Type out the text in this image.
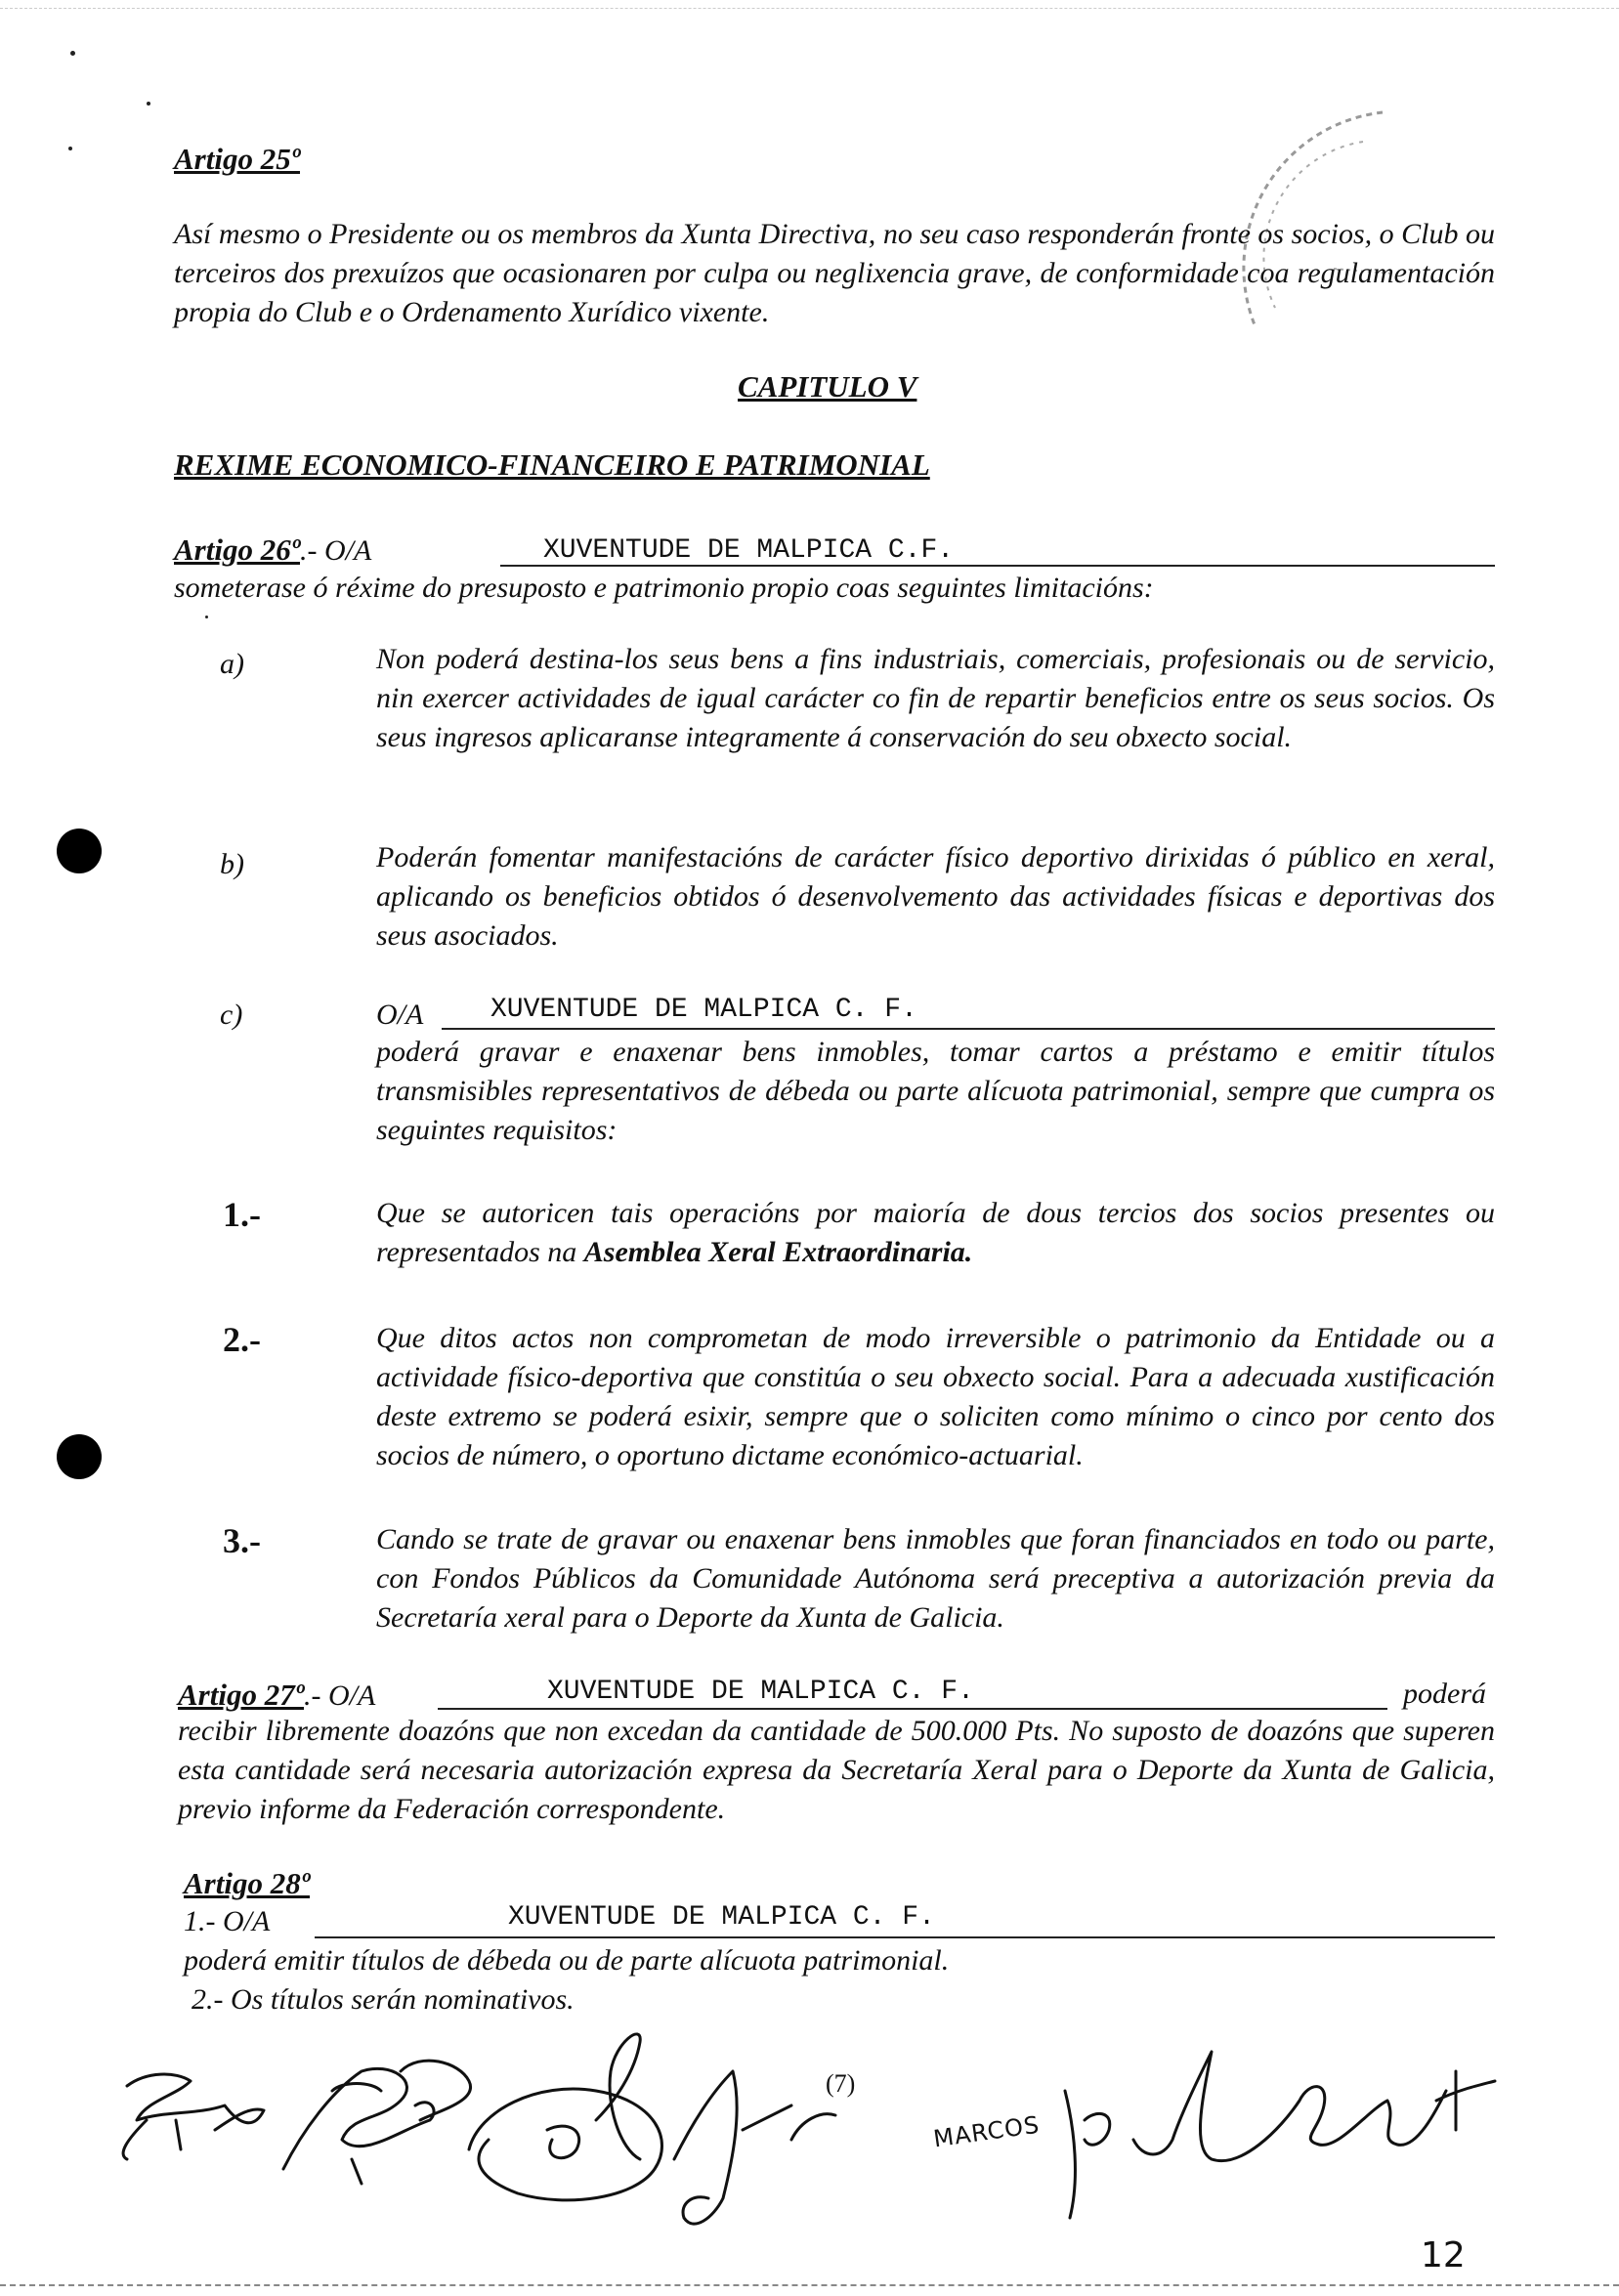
Artigo 25º
Así mesmo o Presidente ou os membros da Xunta Directiva, no seu caso responderán fronte os socios, o Club ou terceiros dos prexuízos que ocasionaren por culpa ou neglixencia grave, de conformidade coa regulamentación propia do Club e o Ordenamento Xurídico vixente.
CAPITULO V
REXIME ECONOMICO-FINANCEIRO E PATRIMONIAL
Artigo 26º.- O/A	XUVENTUDE DE MALPICA C.F.
someterase ó réxime do presuposto e patrimonio propio coas seguintes limitacións:
a)	Non poderá destina-los seus bens a fins industriais, comerciais, profesionais ou de servicio, nin exercer actividades de igual carácter co fin de repartir beneficios entre os seus socios. Os seus ingresos aplicaranse integramente á conservación do seu obxecto social.
b)	Poderán fomentar manifestacións de carácter físico deportivo dirixidas ó público en xeral, aplicando os beneficios obtidos ó desenvolvemento das actividades físicas e deportivas dos seus asociados.
c)	O/A XUVENTUDE DE MALPICA C. F.
poderá gravar e enaxenar bens inmobles, tomar cartos a préstamo e emitir títulos transmisibles representativos de débeda ou parte alícuota patrimonial, sempre que cumpra os seguintes requisitos:
1.-	Que se autoricen tais operacións por maioría de dous tercios dos socios presentes ou representados na Asemblea Xeral Extraordinaria.
2.-	Que ditos actos non comprometan de modo irreversible o patrimonio da Entidade ou a actividade físico-deportiva que constitúa o seu obxecto social. Para a adecuada xustificación deste extremo se poderá esixir, sempre que o soliciten como mínimo o cinco por cento dos socios de número, o oportuno dictame económico-actuarial.
3.-	Cando se trate de gravar ou enaxenar bens inmobles que foran financiados en todo ou parte, con Fondos Públicos da Comunidade Autónoma será preceptiva a autorización previa da Secretaría xeral para o Deporte da Xunta de Galicia.
Artigo 27º.- O/A	XUVENTUDE DE MALPICA C. F.	poderá
recibir libremente doazóns que non excedan da cantidade de 500.000 Pts. No suposto de doazóns que superen esta cantidade será necesaria autorización expresa da Secretaría Xeral para o Deporte da Xunta de Galicia, previo informe da Federación correspondente.
Artigo 28º
1.- O/A	XUVENTUDE DE MALPICA C. F.
poderá emitir títulos de débeda ou de parte alícuota patrimonial.
2.- Os títulos serán nominativos.
(7)
MARCOS
12
